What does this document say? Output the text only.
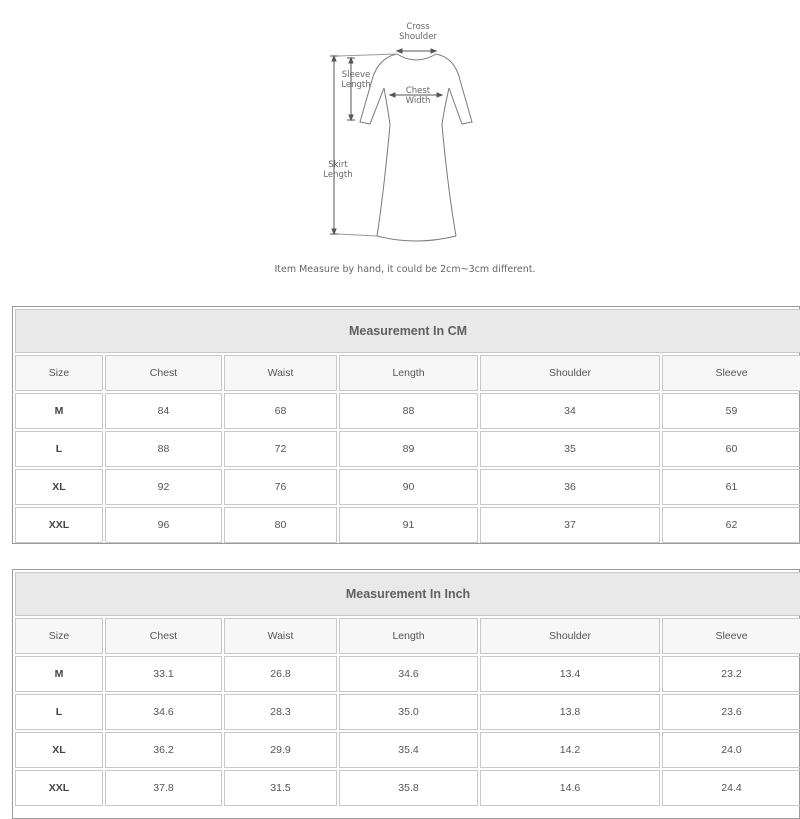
Cross
Shoulder
Sleeve
Length
Chest
Width
Skirt
Length
Item Measure by hand, it could be 2cm~3cm different.
Measurement In CM					
Size	Chest	Waist	Length	Shoulder	Sleeve
M	84	68	88	34	59
L	88	72	89	35	60
XL	92	76	90	36	61
XXL	96	80	91	37	62
Measurement In Inch					
Size	Chest	Waist	Length	Shoulder	Sleeve
M	33.1	26.8	34.6	13.4	23.2
L	34.6	28.3	35.0	13.8	23.6
XL	36.2	29.9	35.4	14.2	24.0
XXL	37.8	31.5	35.8	14.6	24.4
